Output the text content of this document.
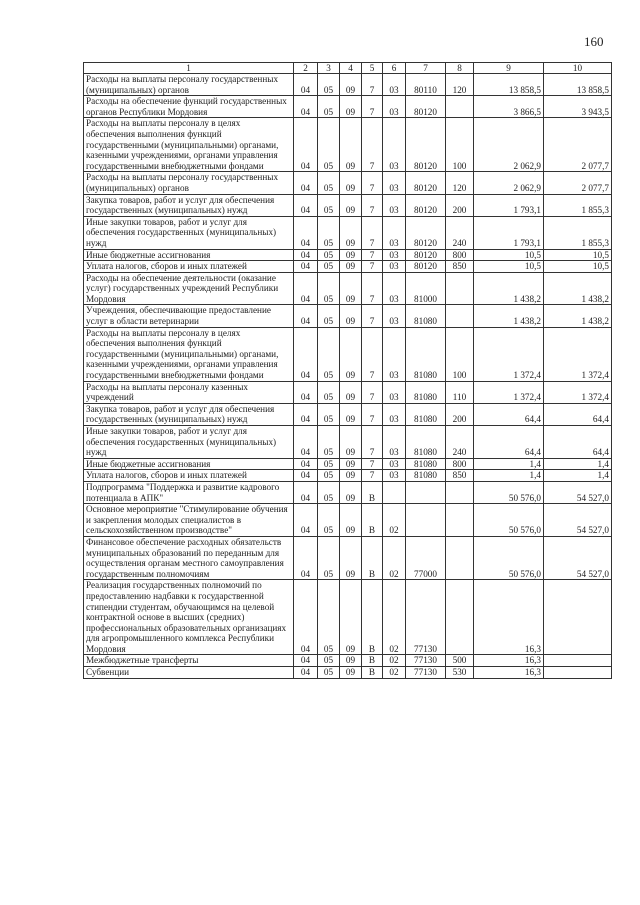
160
1	2	3	4	5	6	7	8	9	10
Расходы на выплаты персоналу государственных (муниципальных) органов	04	05	09	7	03	80110	120	13 858,5	13 858,5
Расходы на обеспечение функций государственных органов Республики Мордовия	04	05	09	7	03	80120		3 866,5	3 943,5
Расходы на выплаты персоналу в целях обеспечения выполнения функций государственными (муниципальными) органами, казенными учреждениями, органами управления государственными внебюджетными фондами	04	05	09	7	03	80120	100	2 062,9	2 077,7
Расходы на выплаты персоналу государственных (муниципальных) органов	04	05	09	7	03	80120	120	2 062,9	2 077,7
Закупка товаров, работ и услуг для обеспечения государственных (муниципальных) нужд	04	05	09	7	03	80120	200	1 793,1	1 855,3
Иные закупки товаров, работ и услуг для обеспечения государственных (муниципальных) нужд	04	05	09	7	03	80120	240	1 793,1	1 855,3
Иные бюджетные ассигнования	04	05	09	7	03	80120	800	10,5	10,5
Уплата налогов, сборов и иных платежей	04	05	09	7	03	80120	850	10,5	10,5
Расходы на обеспечение деятельности (оказание услуг) государственных учреждений Республики Мордовия	04	05	09	7	03	81000		1 438,2	1 438,2
Учреждения, обеспечивающие предоставление услуг в области ветеринарии	04	05	09	7	03	81080		1 438,2	1 438,2
Расходы на выплаты персоналу в целях обеспечения выполнения функций государственными (муниципальными) органами, казенными учреждениями, органами управления государственными внебюджетными фондами	04	05	09	7	03	81080	100	1 372,4	1 372,4
Расходы на выплаты персоналу казенных учреждений	04	05	09	7	03	81080	110	1 372,4	1 372,4
Закупка товаров, работ и услуг для обеспечения государственных (муниципальных) нужд	04	05	09	7	03	81080	200	64,4	64,4
Иные закупки товаров, работ и услуг для обеспечения государственных (муниципальных) нужд	04	05	09	7	03	81080	240	64,4	64,4
Иные бюджетные ассигнования	04	05	09	7	03	81080	800	1,4	1,4
Уплата налогов, сборов и иных платежей	04	05	09	7	03	81080	850	1,4	1,4
Подпрограмма "Поддержка и развитие кадрового потенциала в АПК"	04	05	09	В				50 576,0	54 527,0
Основное мероприятие "Стимулирование обучения и закрепления молодых специалистов в сельскохозяйственном производстве"	04	05	09	В	02			50 576,0	54 527,0
Финансовое обеспечение расходных обязательств муниципальных образований по переданным для осуществления органам местного самоуправления государственным полномочиям	04	05	09	В	02	77000		50 576,0	54 527,0
Реализация государственных полномочий по предоставлению надбавки к государственной стипендии студентам, обучающимся на целевой контрактной основе в высших (средних) профессиональных образовательных организациях для агропромышленного комплекса Республики Мордовия	04	05	09	В	02	77130		16,3	
Межбюджетные трансферты	04	05	09	В	02	77130	500	16,3	
Субвенции	04	05	09	В	02	77130	530	16,3	
